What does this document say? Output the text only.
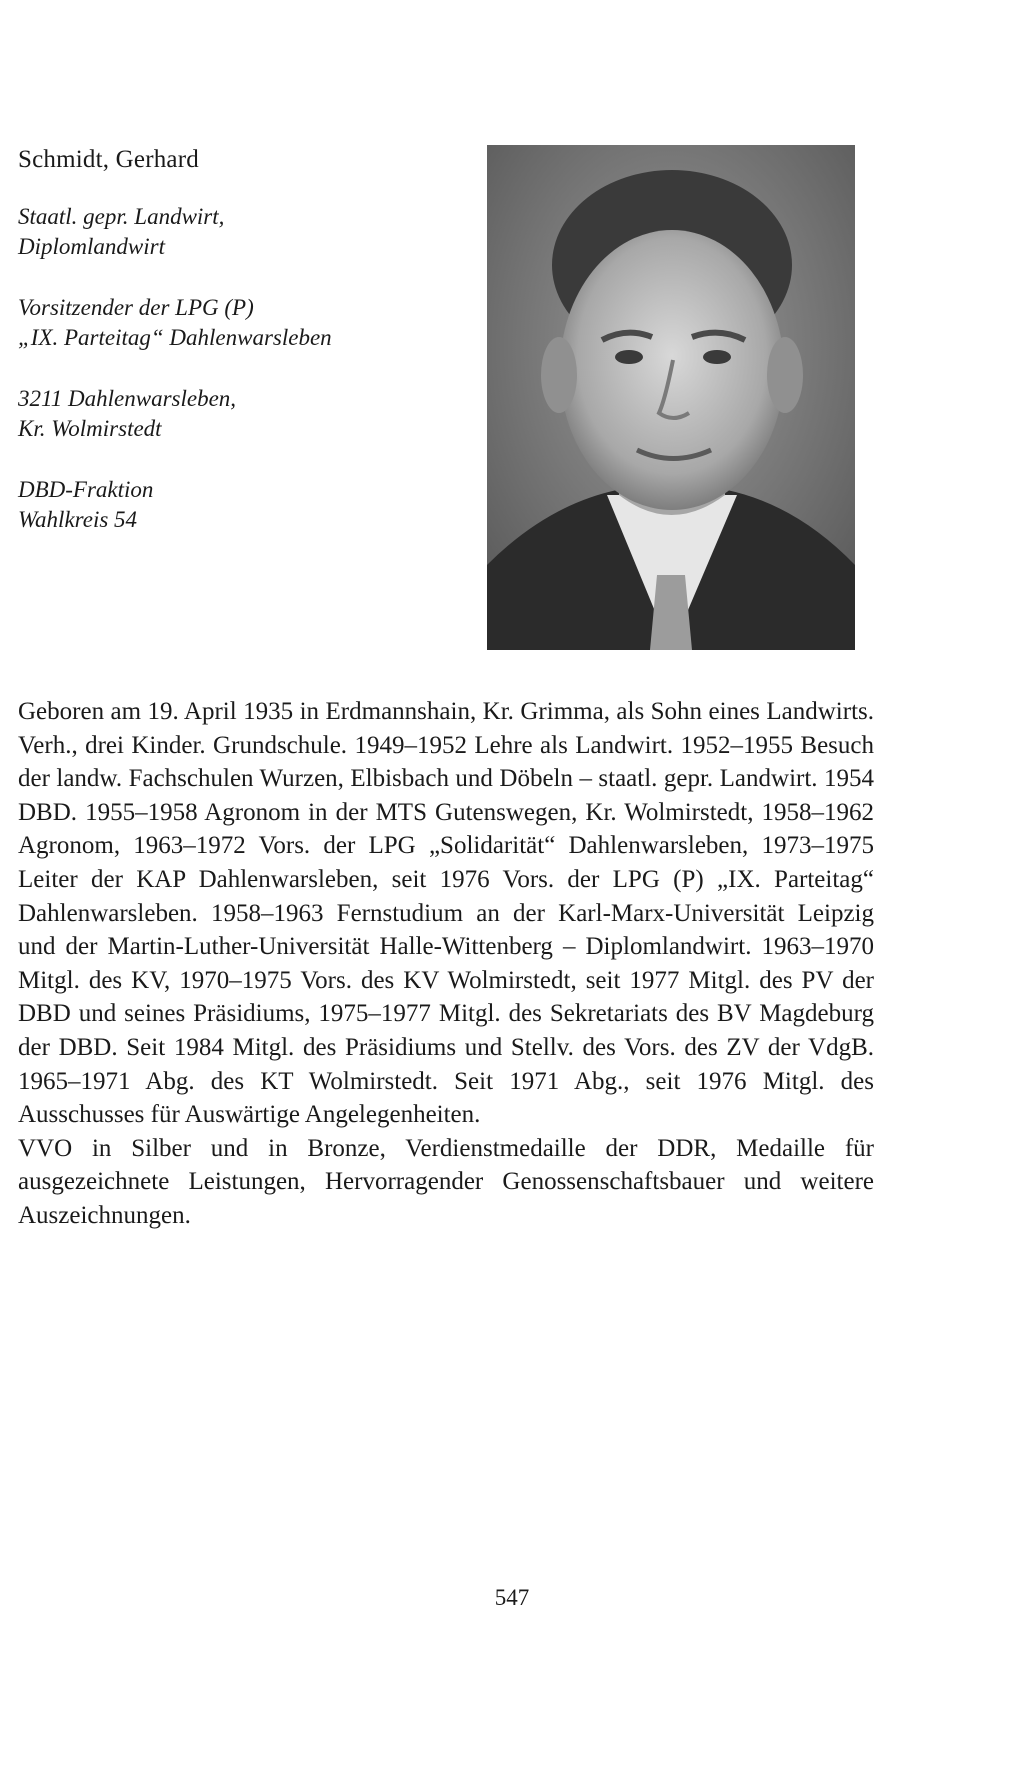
Schmidt, Gerhard
Staatl. gepr. Landwirt,
Diplomlandwirt
Vorsitzender der LPG (P)
„IX. Parteitag“ Dahlenwarsleben
3211 Dahlenwarsleben,
Kr. Wolmirstedt
DBD-Fraktion
Wahlkreis 54

Geboren am 19. April 1935 in Erdmannshain, Kr. Grimma, als Sohn eines Landwirts. Verh., drei Kinder. Grundschule. 1949–1952 Lehre als Landwirt. 1952–1955 Besuch der landw. Fachschulen Wurzen, Elbisbach und Döbeln – staatl. gepr. Landwirt. 1954 DBD. 1955–1958 Agronom in der MTS Gutenswegen, Kr. Wolmirstedt, 1958–1962 Agronom, 1963–1972 Vors. der LPG „Solidarität“ Dahlenwarsleben, 1973–1975 Leiter der KAP Dahlenwarsleben, seit 1976 Vors. der LPG (P) „IX. Parteitag“ Dahlenwarsleben. 1958–1963 Fernstudium an der Karl-Marx-Universität Leipzig und der Martin-Luther-Universität Halle-Wittenberg – Diplomlandwirt. 1963–1970 Mitgl. des KV, 1970–1975 Vors. des KV Wolmirstedt, seit 1977 Mitgl. des PV der DBD und seines Präsidiums, 1975–1977 Mitgl. des Sekretariats des BV Magdeburg der DBD. Seit 1984 Mitgl. des Präsidiums und Stellv. des Vors. des ZV der VdgB. 1965–1971 Abg. des KT Wolmirstedt. Seit 1971 Abg., seit 1976 Mitgl. des Ausschusses für Auswärtige Angelegenheiten.

VVO in Silber und in Bronze, Verdienstmedaille der DDR, Medaille für ausgezeichnete Leistungen, Hervorragender Genossenschaftsbauer und weitere Auszeichnungen.

547
